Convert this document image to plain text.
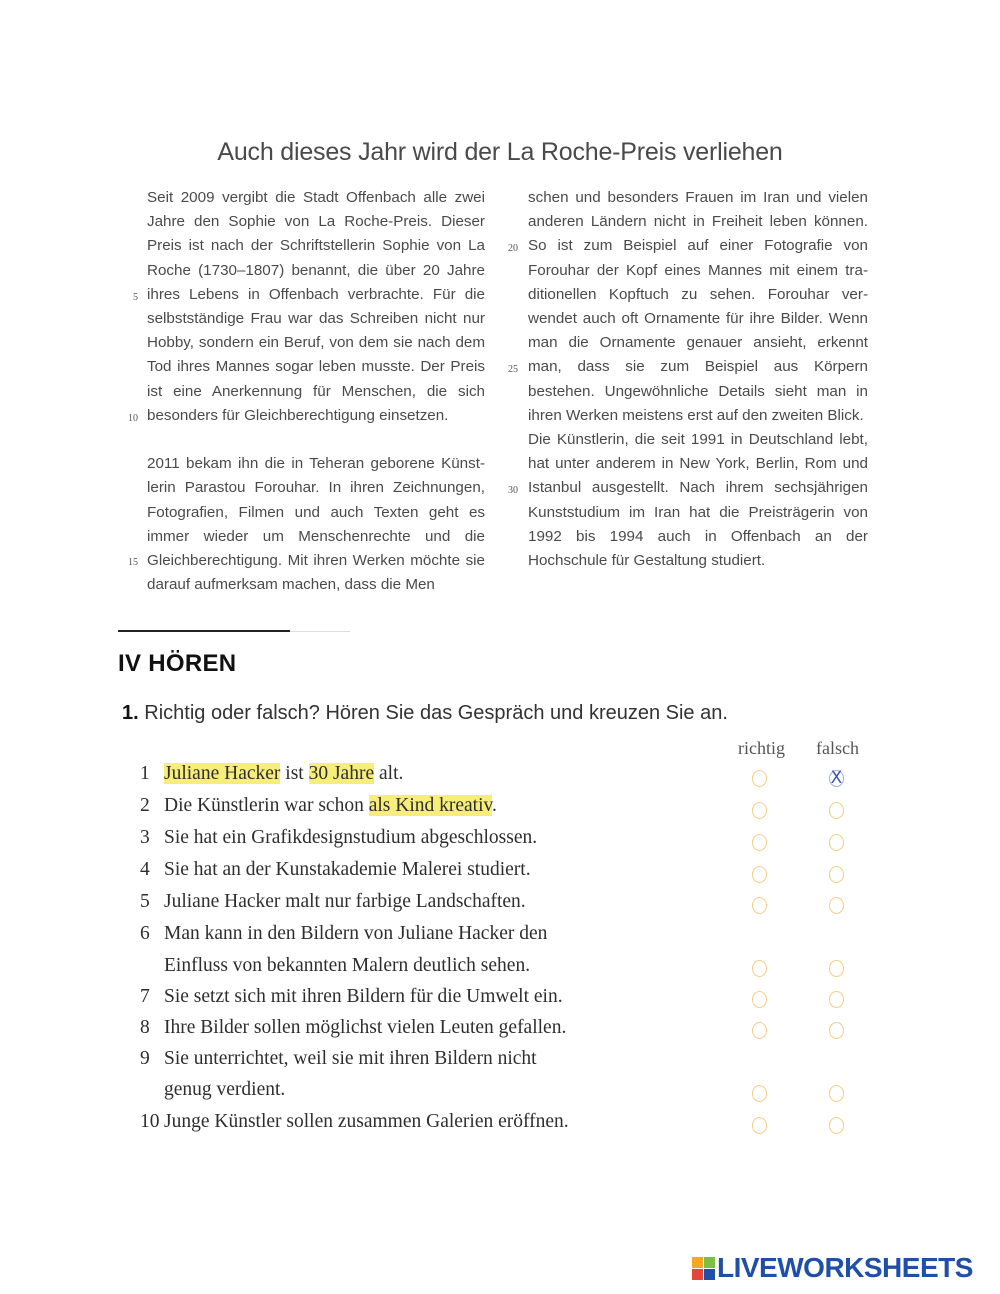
Auch dieses Jahr wird der La Roche-Preis verliehen

Seit 2009 vergibt die Stadt Offenbach alle zwei Jahre den Sophie von La Roche-Preis. Dieser Preis ist nach der Schriftstellerin Sophie von La Roche (1730–1807) benannt, die über 20 Jahre ihres Lebens in Offenbach verbrachte. Für die selbstständige Frau war das Schreiben nicht nur Hobby, sondern ein Beruf, von dem sie nach dem Tod ihres Mannes sogar leben musste. Der Preis ist eine Anerkennung für Menschen, die sich besonders für Gleichberechtigung einsetzen.

2011 bekam ihn die in Teheran geborene Künstlerin Parastou Forouhar. In ihren Zeichnungen, Fotografien, Filmen und auch Texten geht es immer wieder um Menschenrechte und die Gleichberechtigung. Mit ihren Werken möchte sie darauf aufmerksam machen, dass die Men

schen und besonders Frauen im Iran und vielen anderen Ländern nicht in Freiheit leben können. So ist zum Beispiel auf einer Fotografie von Forouhar der Kopf eines Mannes mit einem traditionellen Kopftuch zu sehen. Forouhar verwendet auch oft Ornamente für ihre Bilder. Wenn man die Ornamente genauer ansieht, erkennt man, dass sie zum Beispiel aus Körpern bestehen. Ungewöhnliche Details sieht man in ihren Werken meistens erst auf den zweiten Blick.

Die Künstlerin, die seit 1991 in Deutschland lebt, hat unter anderem in New York, Berlin, Rom und Istanbul ausgestellt. Nach ihrem sechsjährigen Kunststudium im Iran hat die Preisträgerin von 1992 bis 1994 auch in Offenbach an der Hochschule für Gestaltung studiert.

5
10
15
20
25
30
IV HÖREN
1. Richtig oder falsch? Hören Sie das Gespräch und kreuzen Sie an.
richtig falsch
1 Juliane Hacker ist 30 Jahre alt.
2 Die Künstlerin war schon als Kind kreativ.
3 Sie hat ein Grafikdesignstudium abgeschlossen.
4 Sie hat an der Kunstakademie Malerei studiert.
5 Juliane Hacker malt nur farbige Landschaften.
6 Man kann in den Bildern von Juliane Hacker den
Einfluss von bekannten Malern deutlich sehen.
7 Sie setzt sich mit ihren Bildern für die Umwelt ein.
8 Ihre Bilder sollen möglichst vielen Leuten gefallen.
9 Sie unterrichtet, weil sie mit ihren Bildern nicht
genug verdient.
10 Junge Künstler sollen zusammen Galerien eröffnen.
X
LIVEWORKSHEETS
